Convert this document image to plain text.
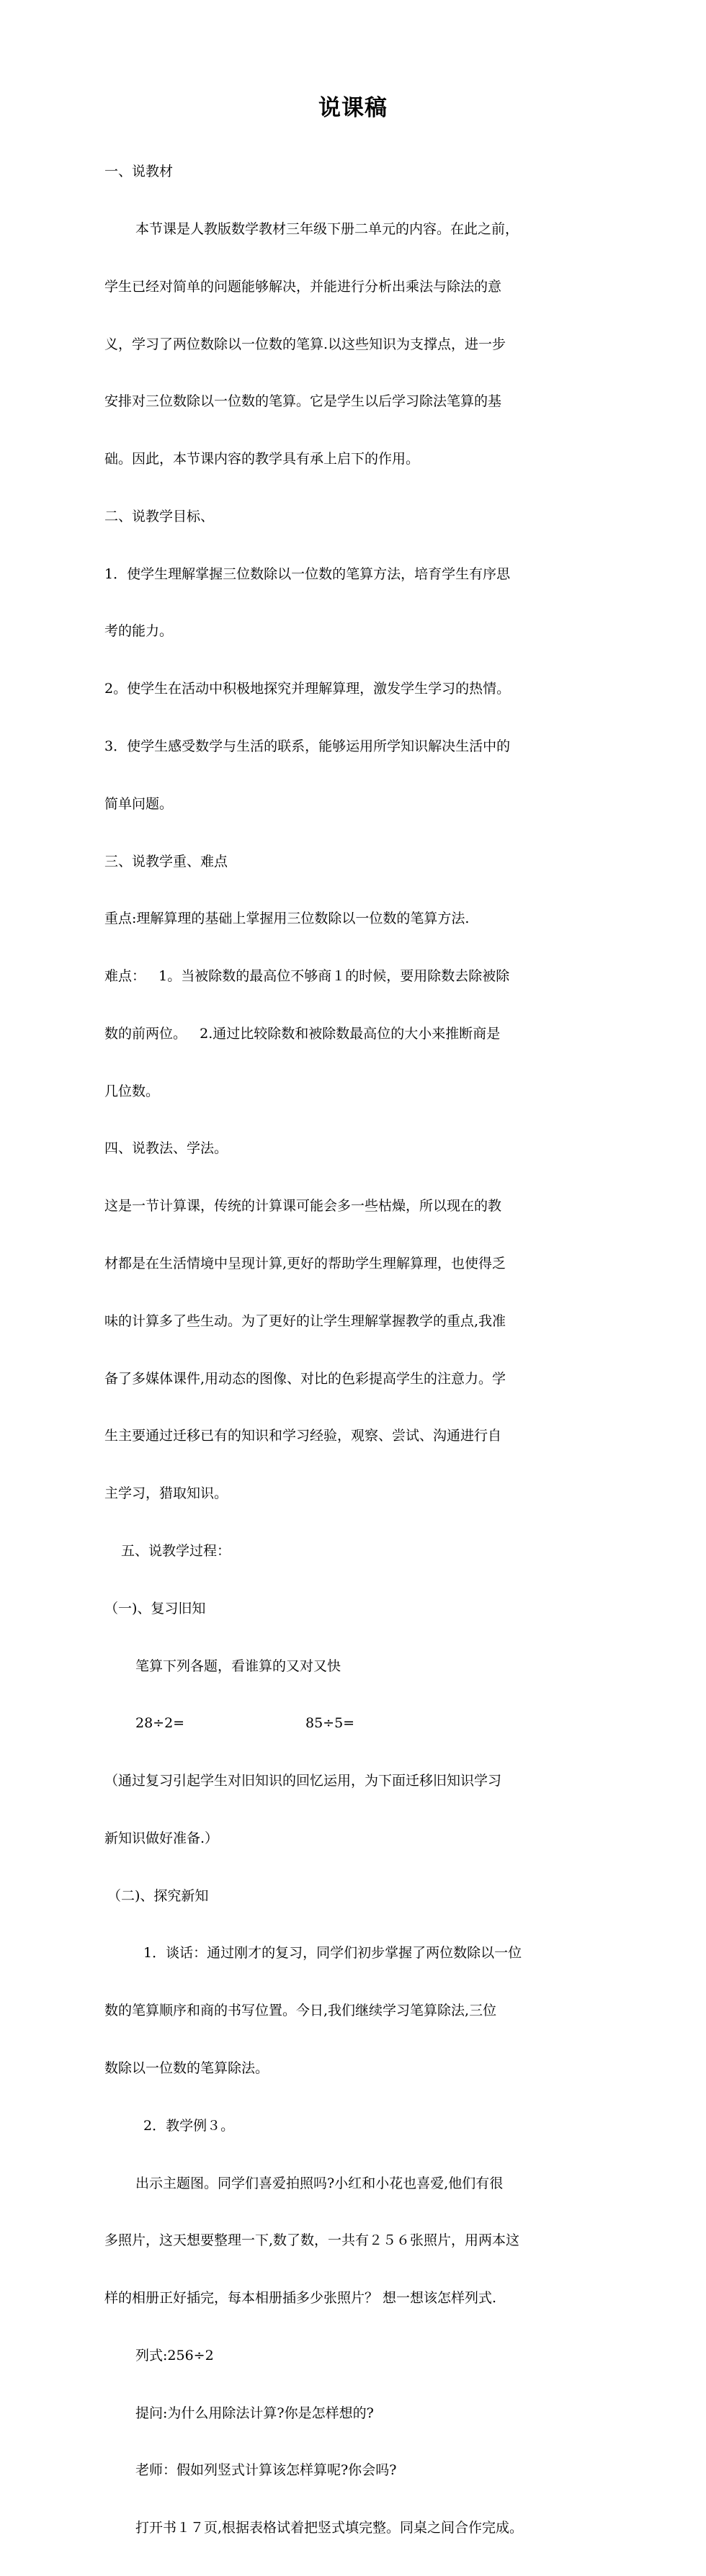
说课稿

一、说教材

本节课是人教版数学教材三年级下册二单元的内容。在此之前，

学生已经对简单的问题能够解决，并能进行分析出乘法与除法的意

义，学习了两位数除以一位数的笔算.以这些知识为支撑点，进一步

安排对三位数除以一位数的笔算。它是学生以后学习除法笔算的基

础。因此，本节课内容的教学具有承上启下的作用。

二、说教学目标、

1．使学生理解掌握三位数除以一位数的笔算方法，培育学生有序思

考的能力。

2。使学生在活动中积极地探究并理解算理，激发学生学习的热情。

3．使学生感受数学与生活的联系，能够运用所学知识解决生活中的

简单问题。

三、说教学重、难点

重点:理解算理的基础上掌握用三位数除以一位数的笔算方法.

难点：   1。当被除数的最高位不够商１的时候，要用除数去除被除

数的前两位。   2.通过比较除数和被除数最高位的大小来推断商是

几位数。

四、说教法、学法。

这是一节计算课，传统的计算课可能会多一些枯燥，所以现在的教

材都是在生活情境中呈现计算,更好的帮助学生理解算理，也使得乏

味的计算多了些生动。为了更好的让学生理解掌握教学的重点,我准

备了多媒体课件,用动态的图像、对比的色彩提高学生的注意力。学

生主要通过迁移已有的知识和学习经验，观察、尝试、沟通进行自

主学习，猎取知识。

五、说教学过程：

（一)、复习旧知

笔算下列各题，看谁算的又对又快

28÷2=	85÷5=

（通过复习引起学生对旧知识的回忆运用，为下面迁移旧知识学习

新知识做好准备.）

（二)、探究新知

1．谈话：通过刚才的复习，同学们初步掌握了两位数除以一位

数的笔算顺序和商的书写位置。今日,我们继续学习笔算除法,三位

数除以一位数的笔算除法。

2．教学例３。

出示主题图。同学们喜爱拍照吗?小红和小花也喜爱,他们有很

多照片，这天想要整理一下,数了数，一共有２５６张照片，用两本这

样的相册正好插完，每本相册插多少张照片？ 想一想该怎样列式.

列式:256÷2

提问:为什么用除法计算?你是怎样想的?

老师：假如列竖式计算该怎样算呢?你会吗?

打开书１７页,根据表格试着把竖式填完整。同桌之间合作完成。
